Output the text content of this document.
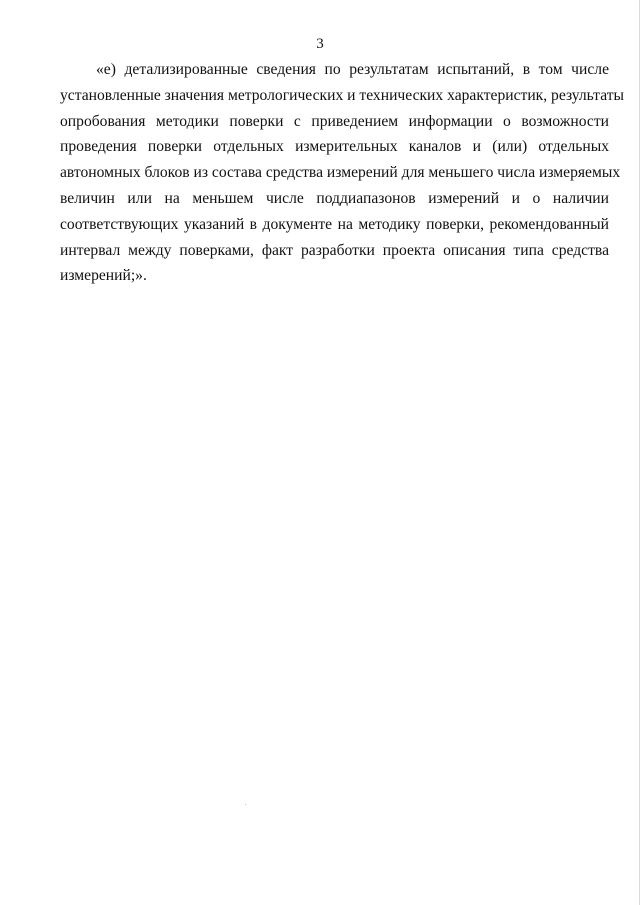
3
«е) детализированные сведения по результатам испытаний, в том числе
установленные значения метрологических и технических характеристик, результаты
опробования методики поверки с приведением информации о возможности
проведения поверки отдельных измерительных каналов и (или) отдельных
автономных блоков из состава средства измерений для меньшего числа измеряемых
величин или на меньшем числе поддиапазонов измерений и о наличии
соответствующих указаний в документе на методику поверки, рекомендованный
интервал между поверками, факт разработки проекта описания типа средства
измерений;».
